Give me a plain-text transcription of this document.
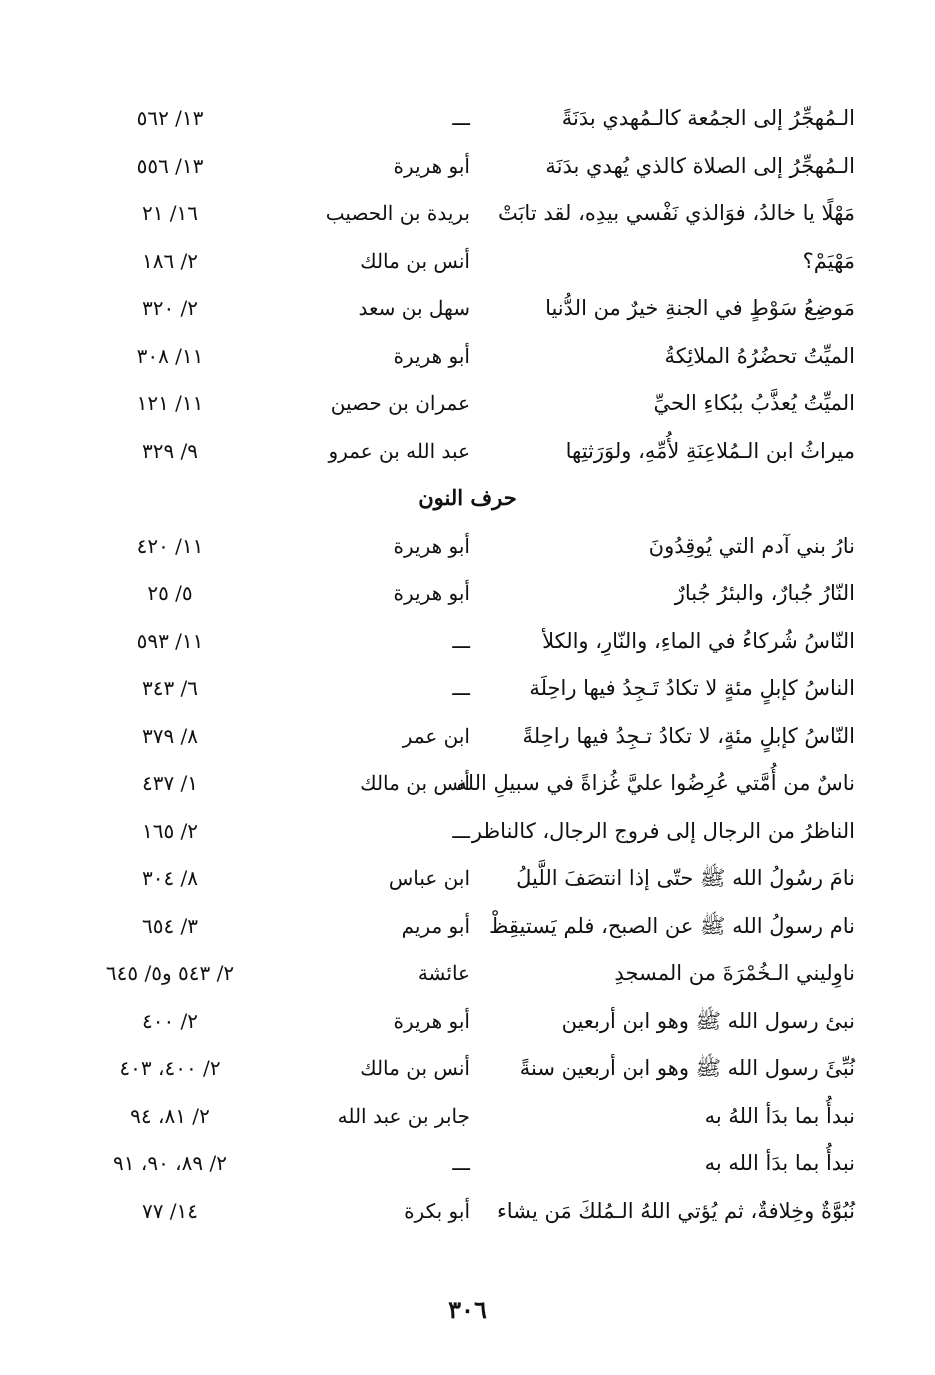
الـمُهجِّرُ إلى الجمُعة كالـمُهدي بدَنَةً
ـــ
١٣/ ٥٦٢
الـمُهجِّرُ إلى الصلاة كالذي يُهدي بدَنَة
أبو هريرة
١٣/ ٥٥٦
مَهْلًا يا خالدُ، فوَالذي نَفْسي بيدِه، لقد تابَتْ
بريدة بن الحصيب
١٦/ ٢١
مَهْيَمْ؟
أنس بن مالك
٢/ ١٨٦
مَوضِعُ سَوْطٍ في الجنةِ خيرٌ من الدُّنيا
سهل بن سعد
٢/ ٣٢٠
الميِّتُ تحضُرُهُ الملائِكةُ
أبو هريرة
١١/ ٣٠٨
الميِّتُ يُعذَّبُ ببُكاءِ الحيِّ
عمران بن حصين
١١/ ١٢١
ميراثُ ابن الـمُلاعِنَةِ لأُمِّهِ، ولوَرَثتِها
عبد الله بن عمرو
٩/ ٣٢٩
حرف النون
نارُ بني آدم التي يُوقِدُونَ
أبو هريرة
١١/ ٤٢٠
النّارُ جُبارٌ، والبئرُ جُبارٌ
أبو هريرة
٥/ ٢٥
النّاسُ شُركاءُ في الماءِ، والنّارِ، والكلأ
ـــ
١١/ ٥٩٣
الناسُ كإبلٍ مئةٍ لا تكادُ تَـجِدُ فيها راحِلَة
ـــ
٦/ ٣٤٣
النّاسُ كإبلٍ مئةٍ، لا تكادُ تـجِدُ فيها راحِلةً
ابن عمر
٨/ ٣٧٩
ناسٌ من أُمَّتي عُرِضُوا عليَّ غُزاةً في سبيلِ الله
أنس بن مالك
١/ ٤٣٧
الناظرُ من الرجال إلى فروج الرجال، كالناظر
ـــ
٢/ ١٦٥
نامَ رسُولُ الله ﷺ حتّى إذا انتصَفَ اللَّيلُ
ابن عباس
٨/ ٣٠٤
نام رسولُ الله ﷺ عن الصبح، فلم يَستيقِظْ
أبو مريم
٣/ ٦٥٤
ناوِليني الـخُمْرَةَ من المسجدِ
عائشة
٢/ ٥٤٣ و٥/ ٦٤٥
نبئ رسول الله ﷺ وهو ابن أربعين
أبو هريرة
٢/ ٤٠٠
نُبِّئَ رسول الله ﷺ وهو ابن أربعين سنةً
أنس بن مالك
٢/ ٤٠٠، ٤٠٣
نبدأُ بما بدَأ اللهُ به
جابر بن عبد الله
٢/ ٨١، ٩٤
نبدأُ بما بدَأ الله به
ـــ
٢/ ٨٩، ٩٠، ٩١
نُبُوَّةٌ وخِلافةٌ، ثم يُؤتي اللهُ الـمُلكَ مَن يشاء
أبو بكرة
١٤/ ٧٧
٣٠٦
